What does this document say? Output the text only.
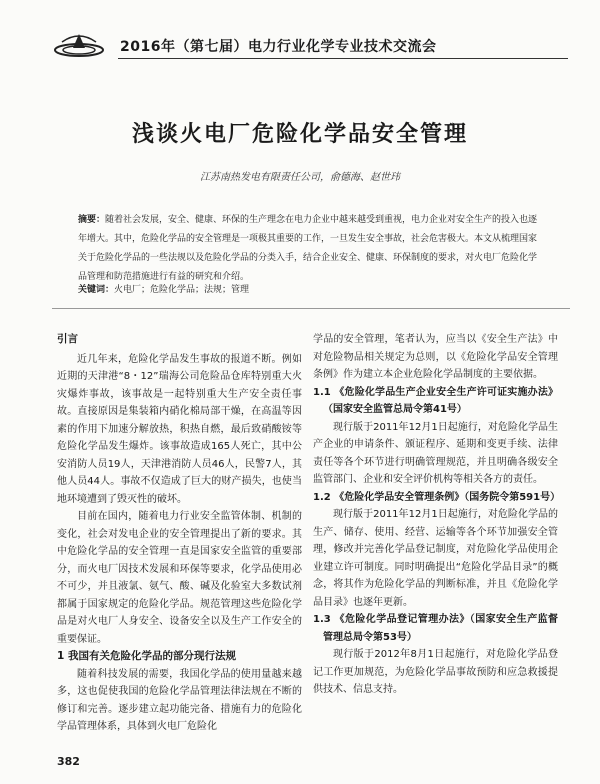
2016年（第七届）电力行业化学专业技术交流会
浅谈火电厂危险化学品安全管理
江苏南热发电有限责任公司，俞德海、赵世玮
摘要：随着社会发展，安全、健康、环保的生产理念在电力企业中越来越受到重视，电力企业对安全生产的投入也逐年增大。其中，危险化学品的安全管理是一项极其重要的工作，一旦发生安全事故，社会危害极大。本文从梳理国家关于危险化学品的一些法规以及危险化学品的分类入手，结合企业安全、健康、环保制度的要求，对火电厂危险化学品管理和防范措施进行有益的研究和介绍。
关键词：火电厂；危险化学品；法规；管理
引言

近几年来，危险化学品发生事故的报道不断。例如近期的天津港“8・12”瑞海公司危险品仓库特别重大火灾爆炸事故，该事故是一起特别重大生产安全责任事故。直接原因是集装箱内硝化棉局部干燥，在高温等因素的作用下加速分解放热，积热自燃，最后致硝酸铵等危险化学品发生爆炸。该事故造成165人死亡，其中公安消防人员19人，天津港消防人员46人，民警7人，其他人员44人。事故不仅造成了巨大的财产损失，也使当地环境遭到了毁灭性的破坏。

目前在国内，随着电力行业安全监管体制、机制的变化，社会对发电企业的安全管理提出了新的要求。其中危险化学品的安全管理一直是国家安全监管的重要部分，而火电厂因技术发展和环保等要求，化学品使用必不可少，并且液氯、氨气、酸、碱及化验室大多数试剂都属于国家规定的危险化学品。规范管理这些危险化学品是对火电厂人身安全、设备安全以及生产工作安全的重要保证。

1 我国有关危险化学品的部分现行法规

随着科技发展的需要，我国化学品的使用量越来越多，这也促使我国的危险化学品管理法律法规在不断的修订和完善。逐步建立起功能完备、措施有力的危险化学品管理体系，具体到火电厂危险化

学品的安全管理，笔者认为，应当以《安全生产法》中对危险物品相关规定为总则，以《危险化学品安全管理条例》作为建立本企业危险化学品制度的主要依据。

1.1 《危险化学品生产企业安全生产许可证实施办法》（国家安全监管总局令第41号）

现行版于2011年12月1日起施行，对危险化学品生产企业的申请条件、颁证程序、延期和变更手续、法律责任等各个环节进行明确管理规范，并且明确各级安全监管部门、企业和安全评价机构等相关各方的责任。

1.2 《危险化学品安全管理条例》（国务院令第591号）

现行版于2011年12月1日起施行，对危险化学品的生产、储存、使用、经营、运输等各个环节加强安全管理，修改并完善化学品登记制度，对危险化学品使用企业建立许可制度。同时明确提出“危险化学品目录”的概念，将其作为危险化学品的判断标准，并且《危险化学品目录》也逐年更新。

1.3 《危险化学品登记管理办法》（国家安全生产监督管理总局令第53号）

现行版于2012年8月1日起施行，对危险化学品登记工作更加规范，为危险化学品事故预防和应急救援提供技术、信息支持。

382
